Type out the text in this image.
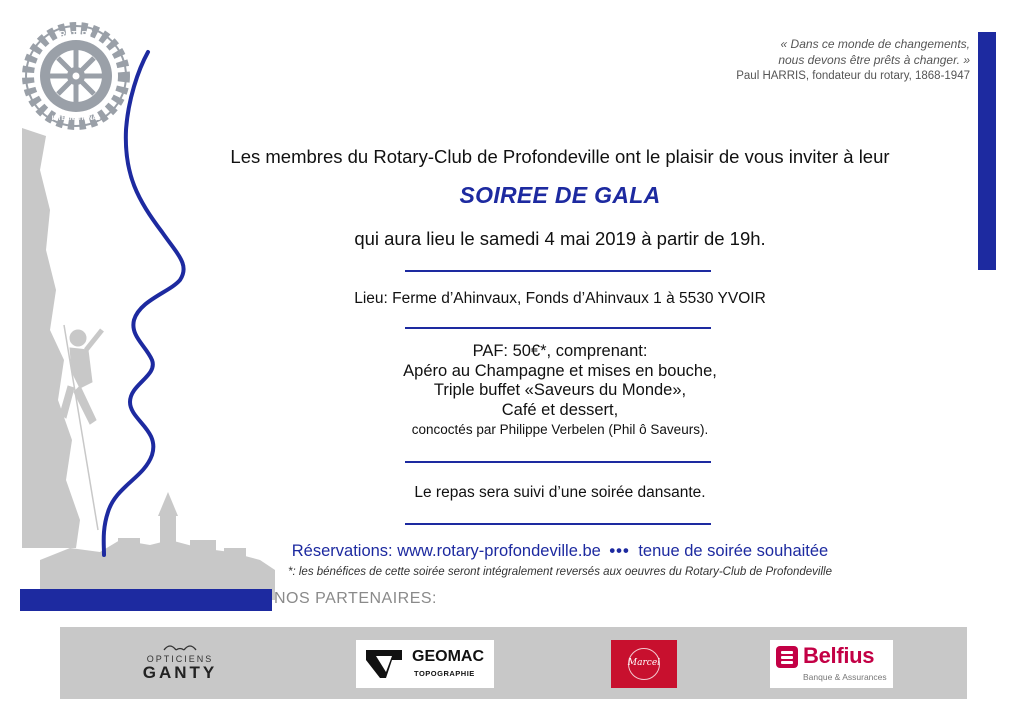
ROTARY
INTERNATIONAL
« Dans ce monde de changements,
nous devons être prêts à changer. »
Paul HARRIS, fondateur du rotary, 1868-1947
Les membres du Rotary-Club de Profondeville ont le plaisir de vous inviter à leur
SOIREE DE GALA
qui aura lieu le samedi 4 mai 2019 à partir de 19h.
Lieu: Ferme d’Ahinvaux, Fonds d’Ahinvaux 1 à 5530 YVOIR
PAF: 50€*, comprenant:
Apéro au Champagne et mises en bouche,
Triple buffet «Saveurs du Monde»,
Café et dessert,
concoctés par Philippe Verbelen (Phil ô Saveurs).
Le repas sera suivi d’une soirée dansante.
Réservations: www.rotary-profondeville.be ••• tenue de soirée souhaitée
*: les bénéfices de cette soirée seront intégralement reversés aux oeuvres du Rotary-Club de Profondeville
NOS PARTENAIRES:
OPTICIENS
GANTY
GEOMAC
TOPOGRAPHIE
Marcel	Belfius
Banque & Assurances
